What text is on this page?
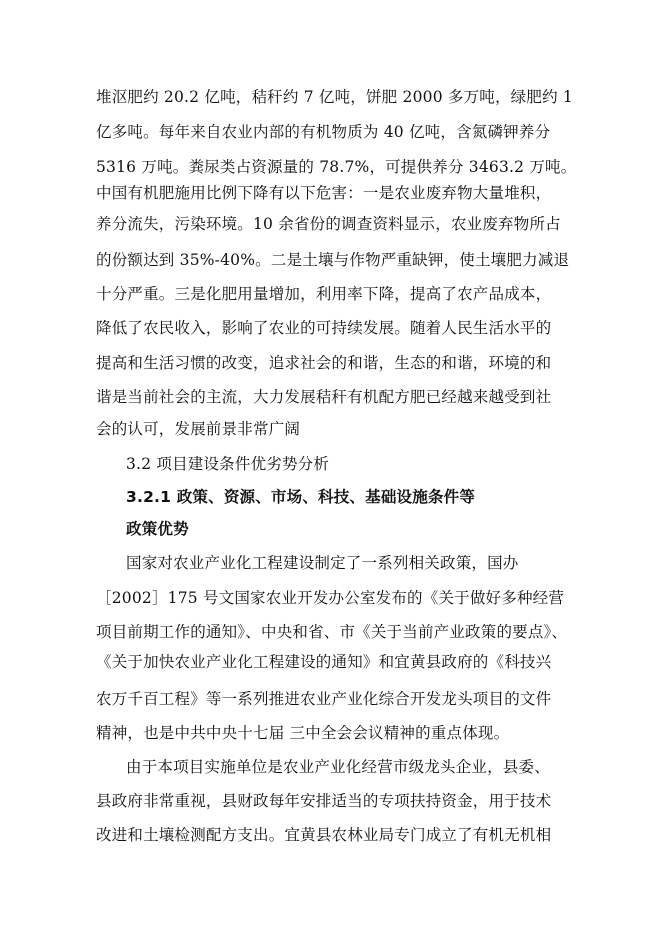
堆沤肥约 20.2 亿吨，秸秆约 7 亿吨，饼肥 2000 多万吨，绿肥约 1
亿多吨。每年来自农业内部的有机物质为 40 亿吨，含氮磷钾养分
5316 万吨。粪尿类占资源量的 78.7%，可提供养分 3463.2 万吨。
中国有机肥施用比例下降有以下危害：一是农业废弃物大量堆积，
养分流失，污染环境。10 余省份的调查资料显示，农业废弃物所占
的份额达到 35%-40%。二是土壤与作物严重缺钾，使土壤肥力减退
十分严重。三是化肥用量增加，利用率下降，提高了农产品成本，
降低了农民收入，影响了农业的可持续发展。随着人民生活水平的
提高和生活习惯的改变，追求社会的和谐，生态的和谐，环境的和
谐是当前社会的主流，大力发展秸秆有机配方肥已经越来越受到社
会的认可，发展前景非常广阔
3.2 项目建设条件优劣势分析
3.2.1 政策、资源、市场、科技、基础设施条件等
政策优势
国家对农业产业化工程建设制定了一系列相关政策，国办
［2002］175 号文国家农业开发办公室发布的《关于做好多种经营
项目前期工作的通知》、中央和省、市《关于当前产业政策的要点》、
《关于加快农业产业化工程建设的通知》和宜黄县政府的《科技兴
农万千百工程》等一系列推进农业产业化综合开发龙头项目的文件
精神，也是中共中央十七届 三中全会会议精神的重点体现。
由于本项目实施单位是农业产业化经营市级龙头企业，县委、
县政府非常重视，县财政每年安排适当的专项扶持资金，用于技术
改进和土壤检测配方支出。宜黄县农林业局专门成立了有机无机相
